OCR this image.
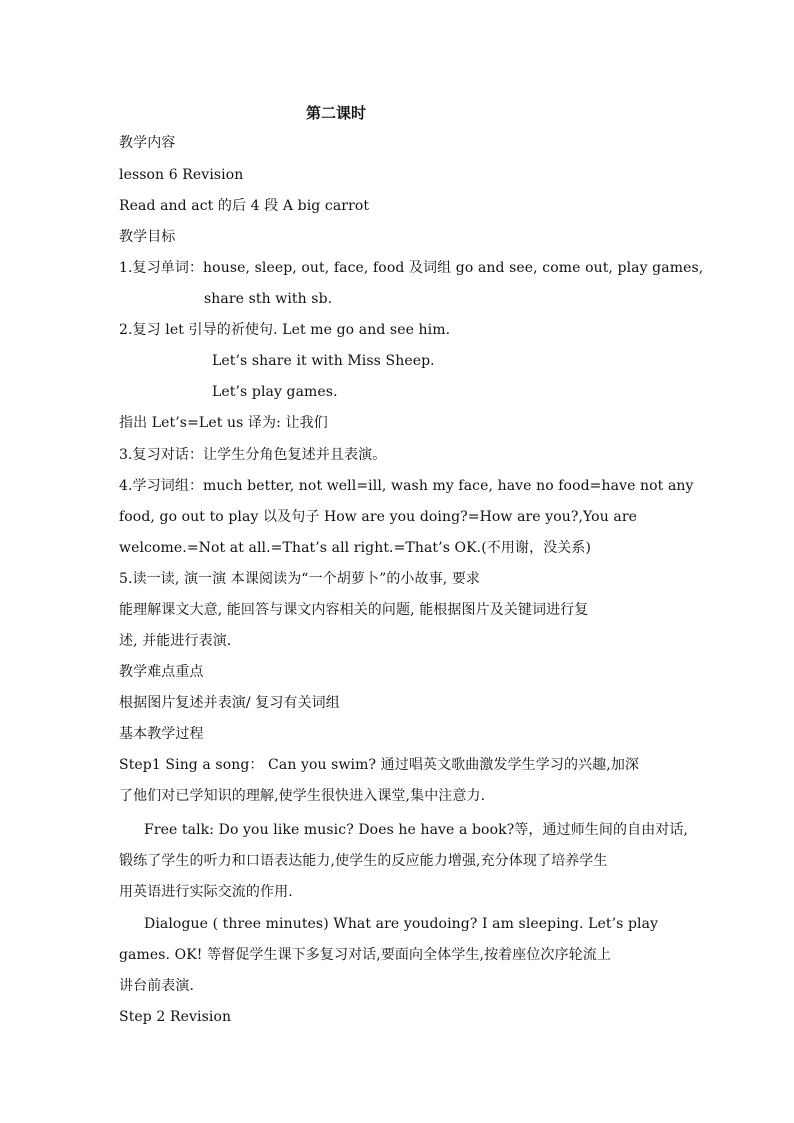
第二课时
教学内容
lesson 6 Revision
Read and act 的后 4 段 A big carrot
教学目标
1.复习单词：house, sleep, out, face, food 及词组 go and see, come out, play games,
share sth with sb.
2.复习 let 引导的祈使句. Let me go and see him.
Let’s share it with Miss Sheep.
Let’s play games.
指出 Let’s=Let us 译为: 让我们
3.复习对话：让学生分角色复述并且表演。
4.学习词组：much better, not well=ill, wash my face, have no food=have not any
food, go out to play 以及句子 How are you doing?=How are you?,You are
welcome.=Not at all.=That’s all right.=That’s OK.(不用谢，没关系)
5.读一读, 演一演 本课阅读为“一个胡萝卜”的小故事, 要求
能理解课文大意, 能回答与课文内容相关的问题, 能根据图片及关键词进行复
述, 并能进行表演.
教学难点重点
根据图片复述并表演/ 复习有关词组
基本教学过程
Step1 Sing a song： Can you swim? 通过唱英文歌曲激发学生学习的兴趣,加深
了他们对已学知识的理解,使学生很快进入课堂,集中注意力.
Free talk: Do you like music? Does he have a book?等，通过师生间的自由对话,
锻练了学生的听力和口语表达能力,使学生的反应能力增强,充分体现了培养学生
用英语进行实际交流的作用.
Dialogue ( three minutes) What are youdoing? I am sleeping. Let’s play
games. OK! 等督促学生课下多复习对话,要面向全体学生,按着座位次序轮流上
讲台前表演.
Step 2 Revision
